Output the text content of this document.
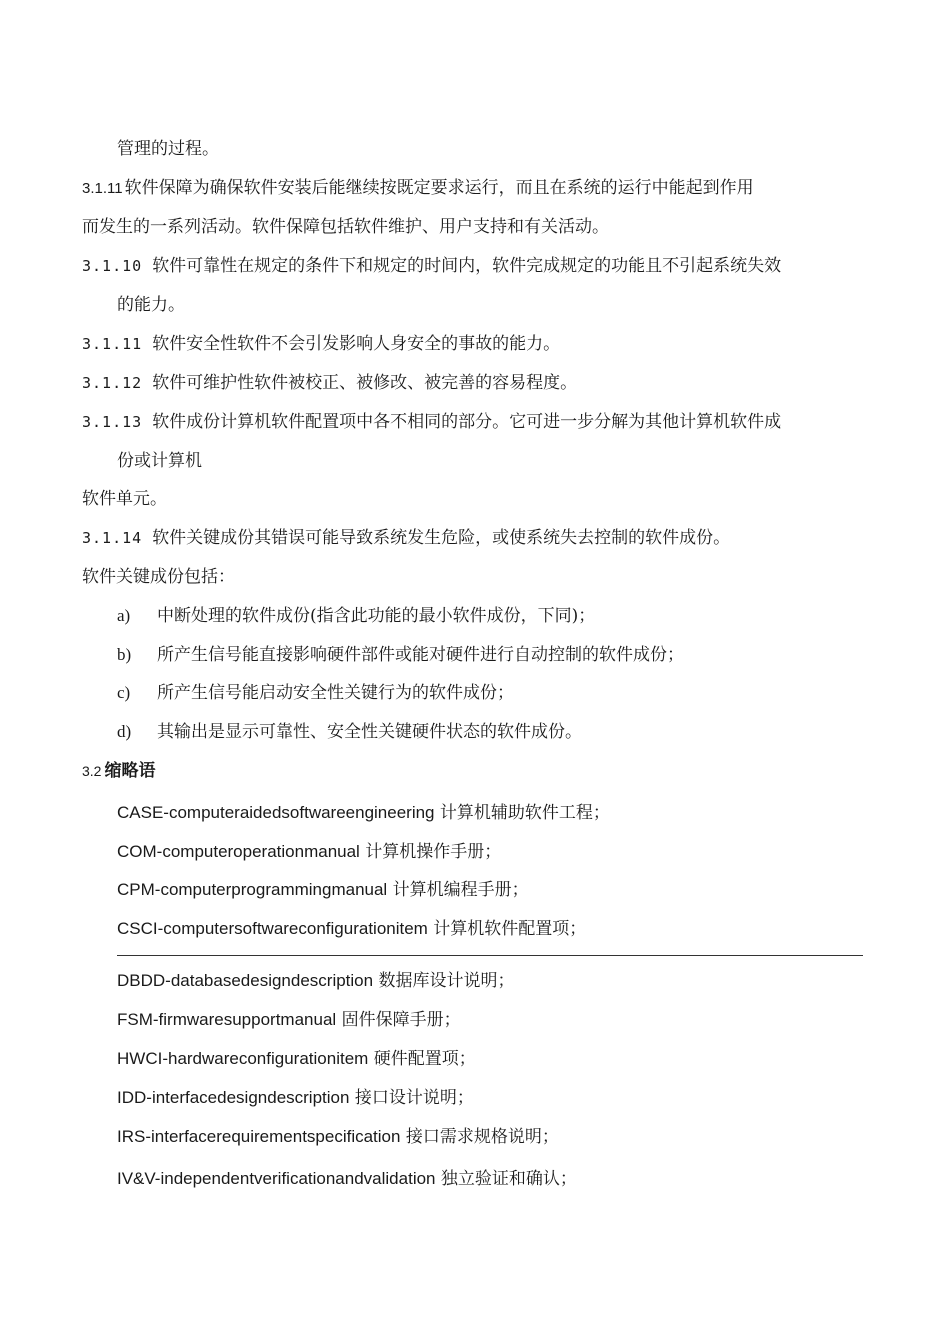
管理的过程。
3.1.11 软件保障为确保软件安装后能继续按既定要求运行，而且在系统的运行中能起到作用
而发生的一系列活动。软件保障包括软件维护、用户支持和有关活动。
3.1.10 软件可靠性在规定的条件下和规定的时间内，软件完成规定的功能且不引起系统失效
的能力。
3.1.11 软件安全性软件不会引发影响人身安全的事故的能力。
3.1.12 软件可维护性软件被校正、被修改、被完善的容易程度。
3.1.13 软件成份计算机软件配置项中各不相同的部分。它可进一步分解为其他计算机软件成
份或计算机
软件单元。
3.1.14 软件关键成份其错误可能导致系统发生危险，或使系统失去控制的软件成份。
软件关键成份包括：
a) 中断处理的软件成份(指含此功能的最小软件成份，下同)；
b) 所产生信号能直接影响硬件部件或能对硬件进行自动控制的软件成份；
c) 所产生信号能启动安全性关键行为的软件成份；
d) 其输出是显示可靠性、安全性关键硬件状态的软件成份。
3.2 缩略语
CASE-computeraidedsoftwareengineering 计算机辅助软件工程；
COM-computeroperationmanual 计算机操作手册；
CPM-computerprogrammingmanual 计算机编程手册；
CSCI-computersoftwareconfigurationitem 计算机软件配置项；
DBDD-databasedesigndescription 数据库设计说明；
FSM-firmwaresupportmanual 固件保障手册；
HWCI-hardwareconfigurationitem 硬件配置项；
IDD-interfacedesigndescription 接口设计说明；
IRS-interfacerequirementspecification 接口需求规格说明；
IV&V-independentverificationandvalidation 独立验证和确认；
